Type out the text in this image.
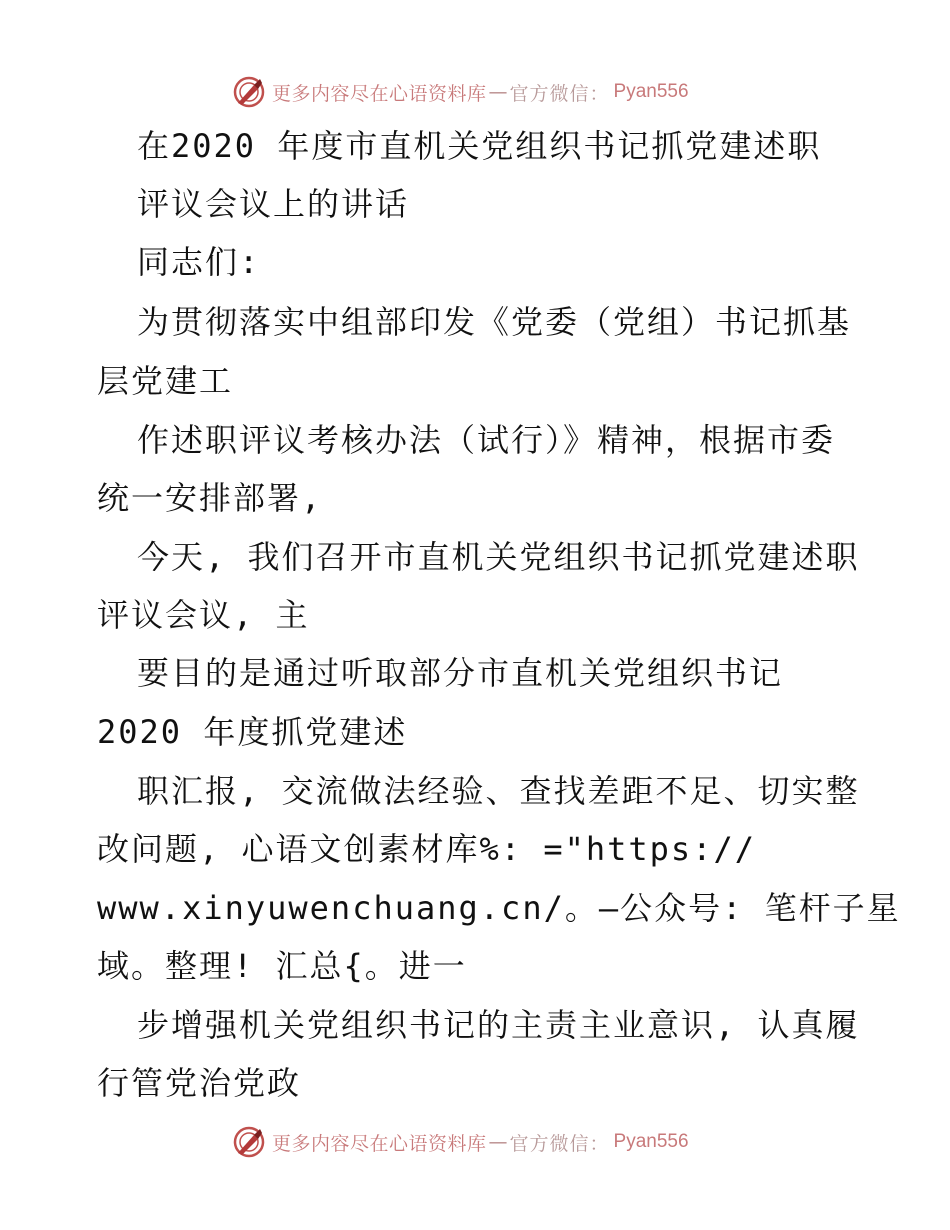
更多内容尽在心语资料库 — 官方微信： Pyan556
在2020 年度市直机关党组织书记抓党建述职
评议会议上的讲话
同志们:
为贯彻落实中组部印发《党委（党组）书记抓基
层党建工
作述职评议考核办法（试行）》精神，根据市委
统一安排部署,
今天, 我们召开市直机关党组织书记抓党建述职
评议会议, 主
要目的是通过听取部分市直机关党组织书记
2020 年度抓党建述
职汇报, 交流做法经验、查找差距不足、切实整
改问题, 心语文创素材库%: ="https://
www.xinyuwenchuang.cn/。—公众号: 笔杆子星
域。整理! 汇总{。进一
步增强机关党组织书记的主责主业意识, 认真履
行管党治党政
更多内容尽在心语资料库 — 官方微信： Pyan556
